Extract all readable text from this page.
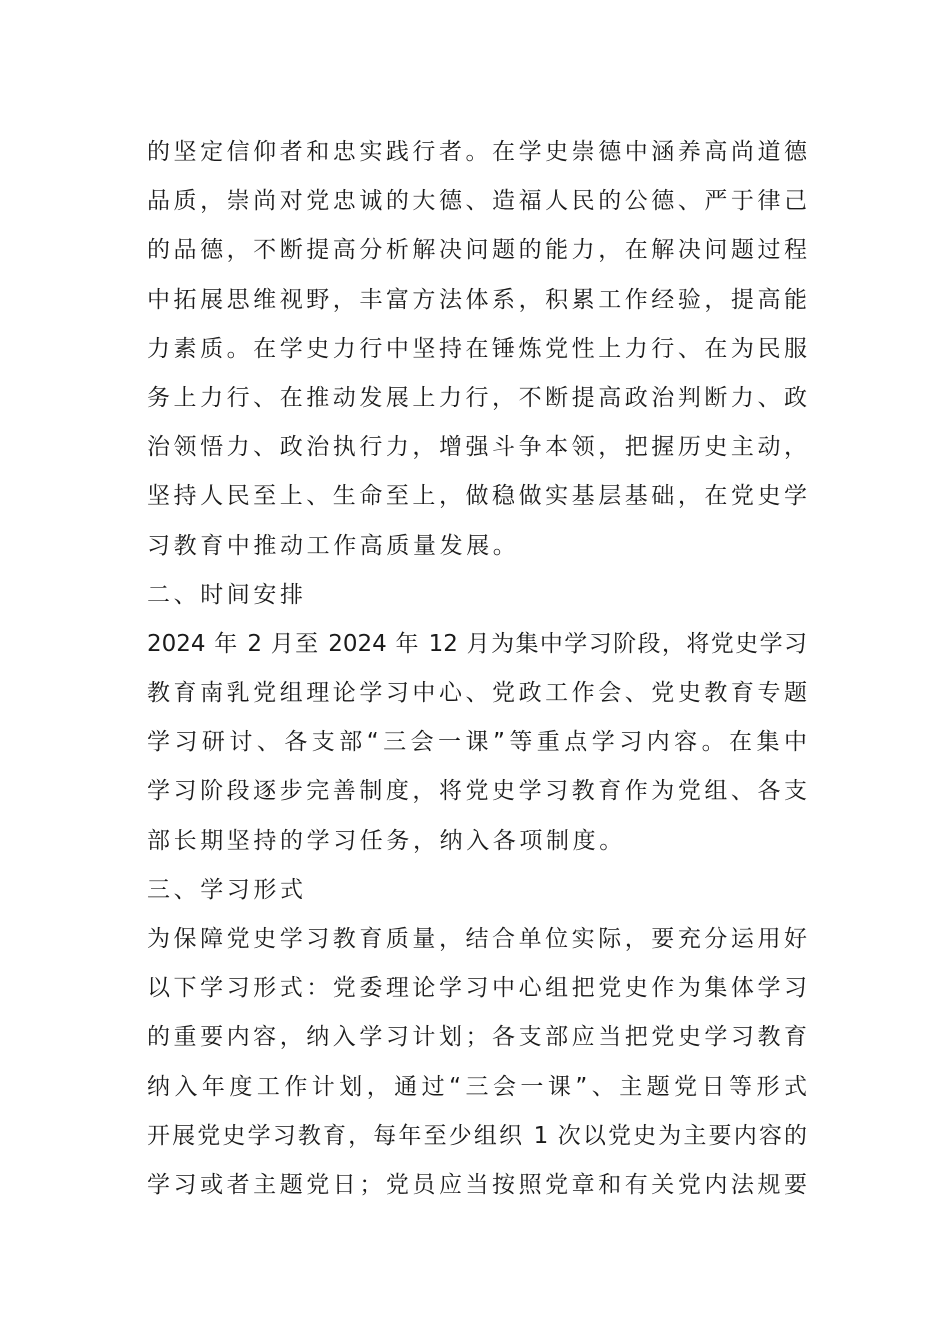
的坚定信仰者和忠实践行者。在学史崇德中涵养高尚道德
品质，崇尚对党忠诚的大德、造福人民的公德、严于律己
的品德，不断提高分析解决问题的能力，在解决问题过程
中拓展思维视野，丰富方法体系，积累工作经验，提高能
力素质。在学史力行中坚持在锤炼党性上力行、在为民服
务上力行、在推动发展上力行，不断提高政治判断力、政
治领悟力、政治执行力，增强斗争本领，把握历史主动，
坚持人民至上、生命至上，做稳做实基层基础，在党史学
习教育中推动工作高质量发展。
二、时间安排
2024 年 2 月至 2024 年 12 月为集中学习阶段，将党史学习
教育南乳党组理论学习中心、党政工作会、党史教育专题
学习研讨、各支部“三会一课”等重点学习内容。在集中
学习阶段逐步完善制度，将党史学习教育作为党组、各支
部长期坚持的学习任务，纳入各项制度。
三、学习形式
为保障党史学习教育质量，结合单位实际，要充分运用好
以下学习形式：党委理论学习中心组把党史作为集体学习
的重要内容，纳入学习计划；各支部应当把党史学习教育
纳入年度工作计划，通过“三会一课”、主题党日等形式
开展党史学习教育，每年至少组织 1 次以党史为主要内容的
学习或者主题党日；党员应当按照党章和有关党内法规要
